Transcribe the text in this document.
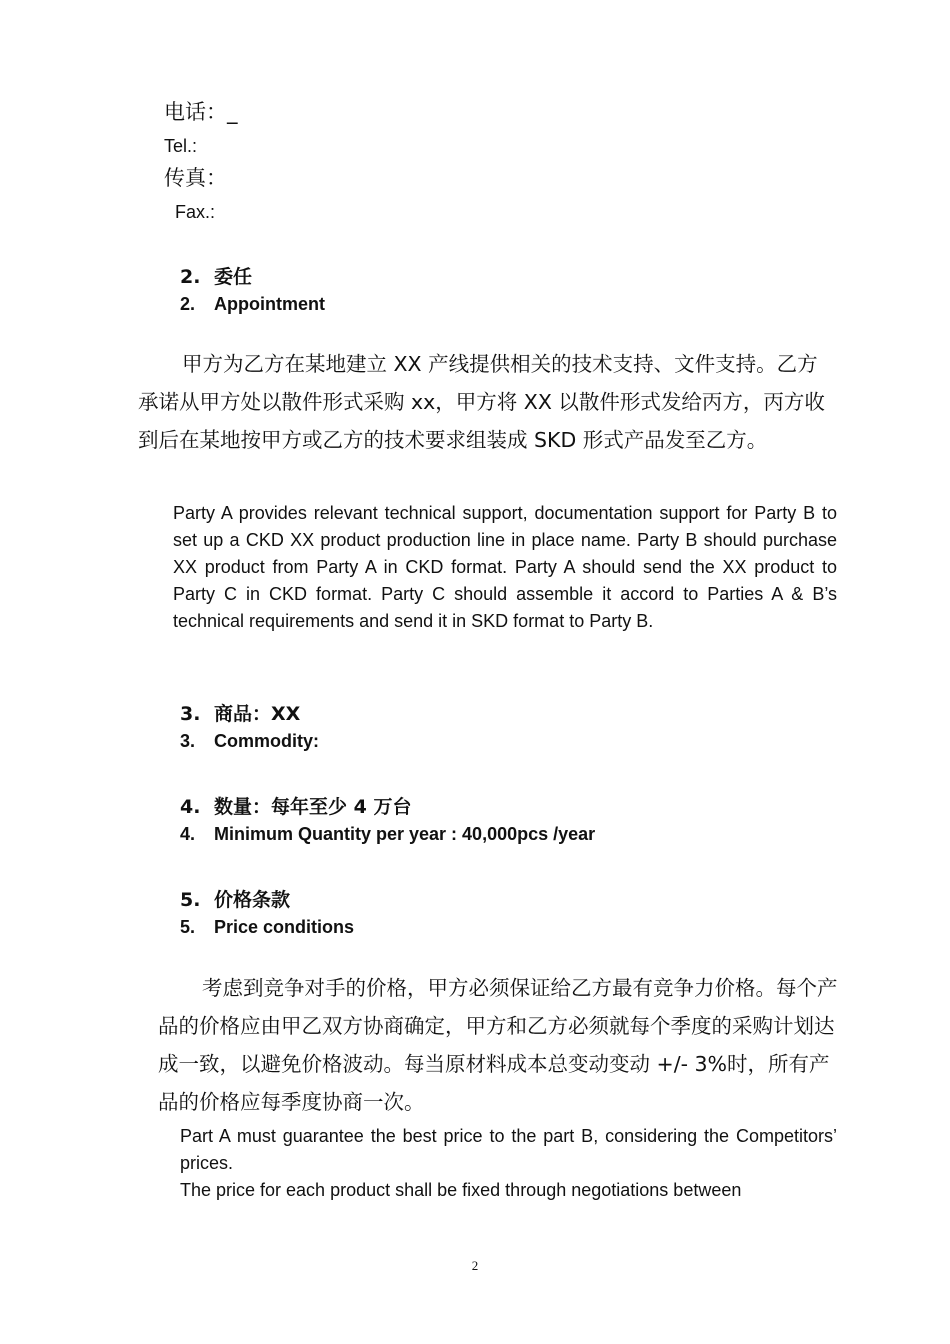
电话：_
Tel.:
传真：
Fax.:
2. 委任
2. Appointment
甲方为乙方在某地建立 XX 产线提供相关的技术支持、文件支持。乙方承诺从甲方处以散件形式采购 xx，甲方将 XX 以散件形式发给丙方，丙方收到后在某地按甲方或乙方的技术要求组装成 SKD 形式产品发至乙方。
Party A provides relevant technical support, documentation support for Party B to set up a CKD XX product production line in place name. Party B should purchase XX product from Party A in CKD format. Party A should send the XX product to Party C in CKD format. Party C should assemble it accord to Parties A & B’s technical requirements and send it in SKD format to Party B.
3. 商品：XX
3. Commodity:
4. 数量：每年至少 4 万台
4. Minimum Quantity per year : 40,000pcs /year
5. 价格条款
5. Price conditions
考虑到竞争对手的价格，甲方必须保证给乙方最有竞争力价格。每个产品的价格应由甲乙双方协商确定，甲方和乙方必须就每个季度的采购计划达成一致，以避免价格波动。每当原材料成本总变动变动 +/- 3%时，所有产品的价格应每季度协商一次。
Part A must guarantee the best price to the part B, considering the Competitors’ prices.
The price for each product shall be fixed through negotiations between
2
